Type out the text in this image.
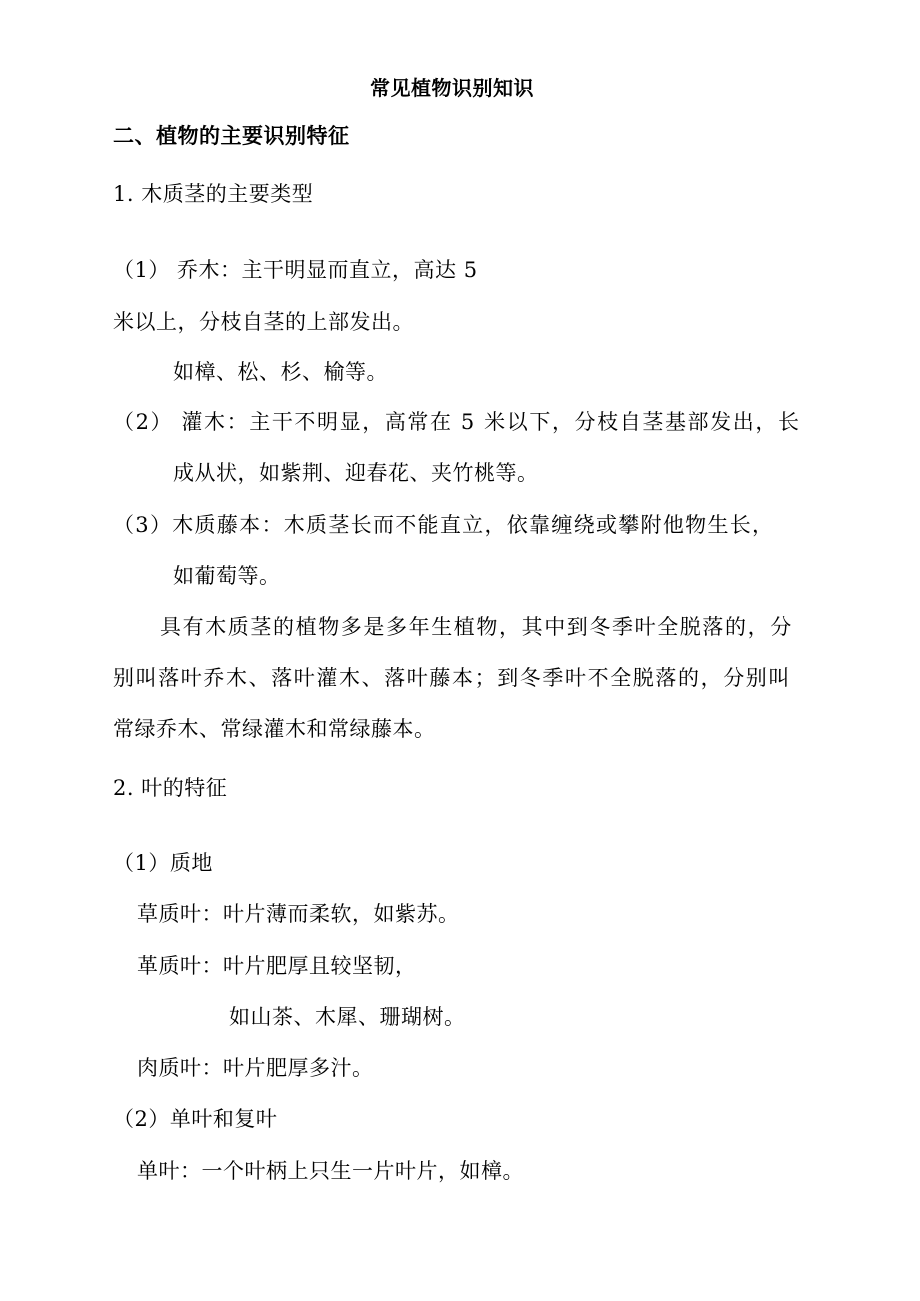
常见植物识别知识
二、植物的主要识别特征
1. 木质茎的主要类型
（1） 乔木：主干明显而直立，高达 5
米以上，分枝自茎的上部发出。
如樟、松、杉、榆等。
（2） 灌木：主干不明显，高常在 5 米以下，分枝自茎基部发出，长
成从状，如紫荆、迎春花、夹竹桃等。
（3）木质藤本：木质茎长而不能直立，依靠缠绕或攀附他物生长，
如葡萄等。
具有木质茎的植物多是多年生植物，其中到冬季叶全脱落的，分
别叫落叶乔木、落叶灌木、落叶藤本；到冬季叶不全脱落的，分别叫
常绿乔木、常绿灌木和常绿藤本。
2. 叶的特征
（1）质地
草质叶：叶片薄而柔软，如紫苏。
革质叶：叶片肥厚且较坚韧，
如山茶、木犀、珊瑚树。
肉质叶：叶片肥厚多汁。
（2）单叶和复叶
单叶：一个叶柄上只生一片叶片，如樟。
